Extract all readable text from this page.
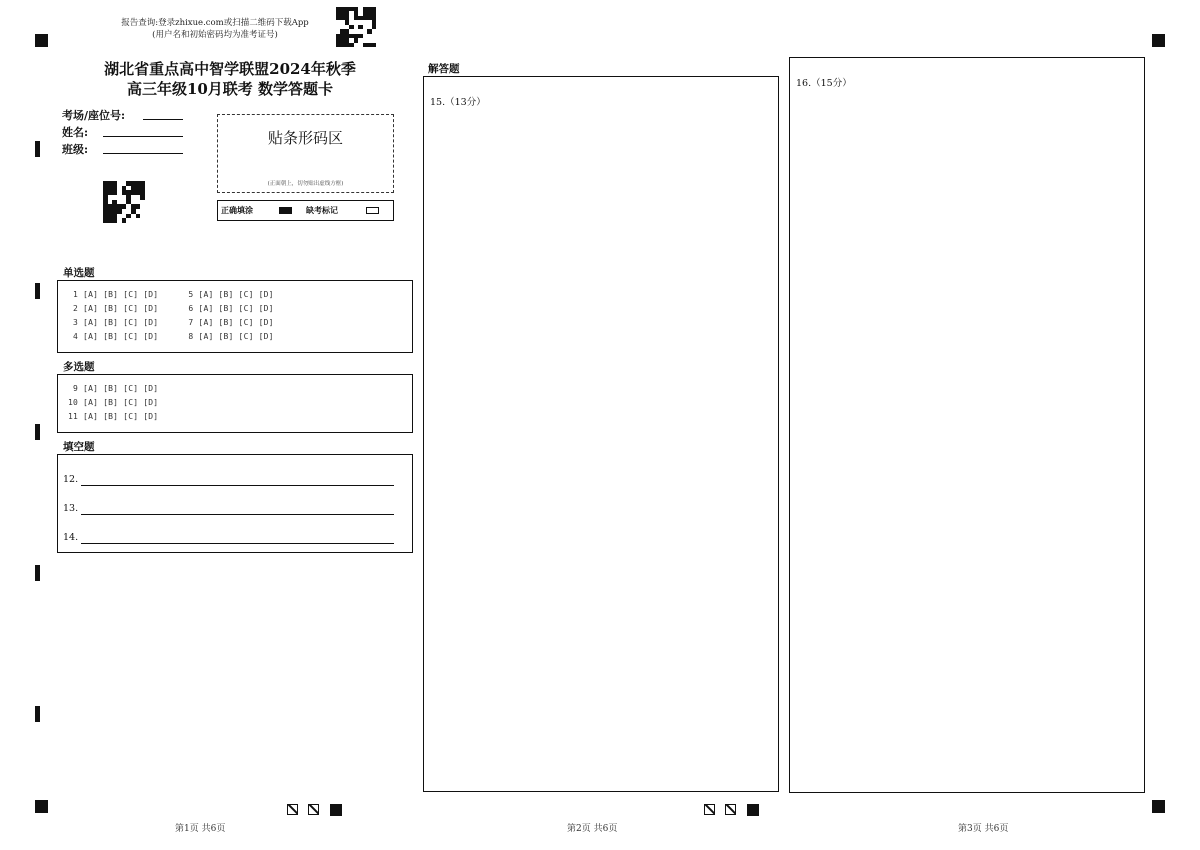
报告查询:登录zhixue.com或扫描二维码下载App
(用户名和初始密码均为准考证号)
湖北省重点高中智学联盟2024年秋季
高三年级10月联考 数学答题卡
考场/座位号:
姓名:
班级:
贴条形码区
(正面朝上，切勿贴出虚线方框)
正确填涂	缺考标记
单选题
1 [A] [B] [C] [D]      5 [A] [B] [C] [D]
2 [A] [B] [C] [D]      6 [A] [B] [C] [D]
3 [A] [B] [C] [D]      7 [A] [B] [C] [D]
4 [A] [B] [C] [D]      8 [A] [B] [C] [D]
多选题
9 [A] [B] [C] [D]
10 [A] [B] [C] [D]
11 [A] [B] [C] [D]
填空题
12.
13.
14.
解答题
15.（13分）
16.（15分）
第1页 共6页	第2页 共6页	第3页 共6页
